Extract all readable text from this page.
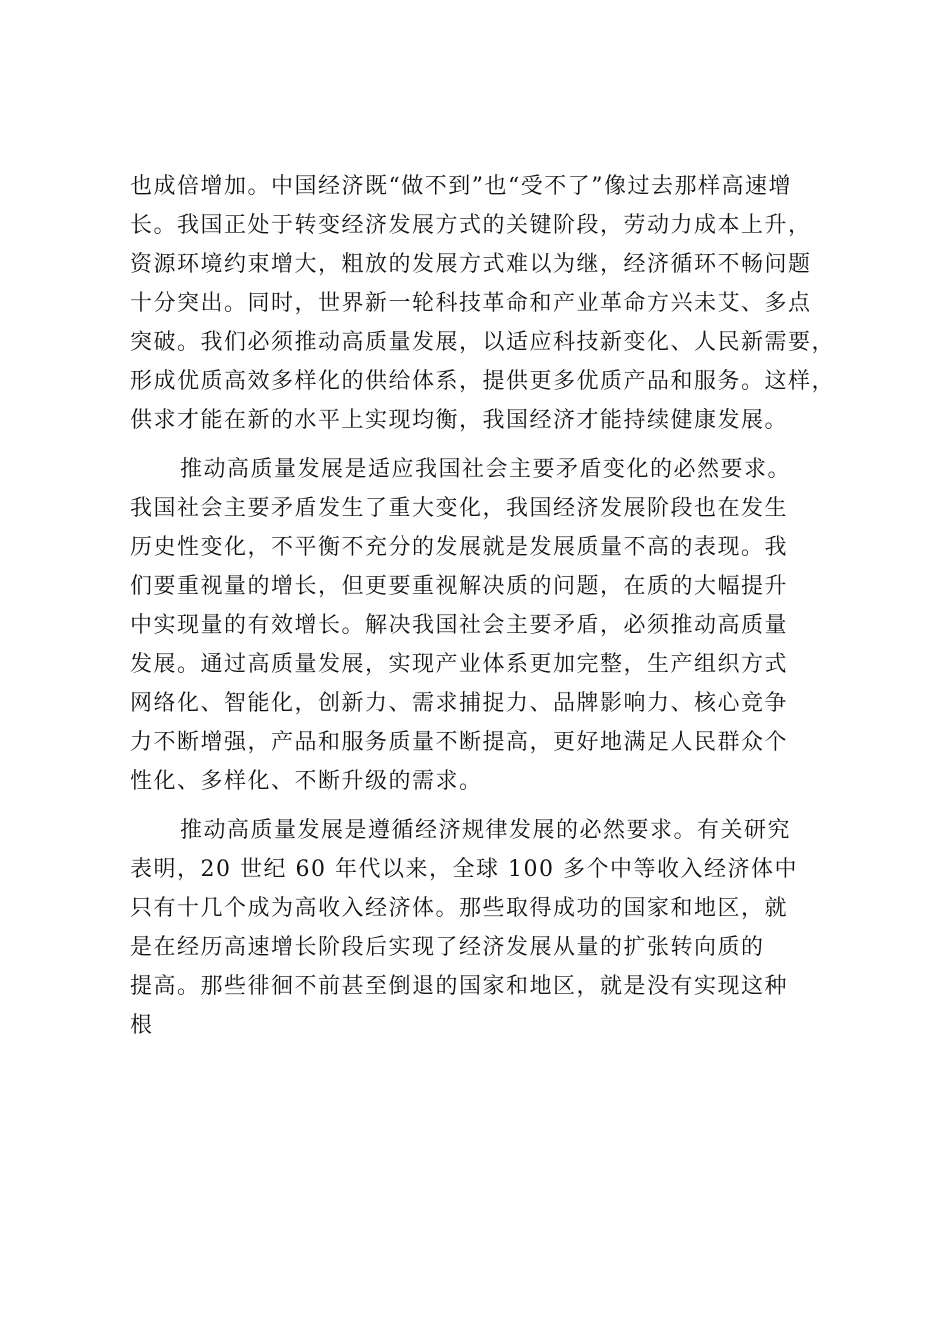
也成倍增加。中国经济既“做不到”也“受不了”像过去那样高速增

长。我国正处于转变经济发展方式的关键阶段，劳动力成本上升，

资源环境约束增大，粗放的发展方式难以为继，经济循环不畅问题

十分突出。同时，世界新一轮科技革命和产业革命方兴未艾、多点

突破。我们必须推动高质量发展，以适应科技新变化、人民新需要，

形成优质高效多样化的供给体系，提供更多优质产品和服务。这样，

供求才能在新的水平上实现均衡，我国经济才能持续健康发展。

推动高质量发展是适应我国社会主要矛盾变化的必然要求。

我国社会主要矛盾发生了重大变化，我国经济发展阶段也在发生

历史性变化，不平衡不充分的发展就是发展质量不高的表现。我

们要重视量的增长，但更要重视解决质的问题，在质的大幅提升

中实现量的有效增长。解决我国社会主要矛盾，必须推动高质量

发展。通过高质量发展，实现产业体系更加完整，生产组织方式

网络化、智能化，创新力、需求捕捉力、品牌影响力、核心竞争

力不断增强，产品和服务质量不断提高，更好地满足人民群众个

性化、多样化、不断升级的需求。

推动高质量发展是遵循经济规律发展的必然要求。有关研究

表明，20 世纪 60 年代以来，全球 100 多个中等收入经济体中

只有十几个成为高收入经济体。那些取得成功的国家和地区，就

是在经历高速增长阶段后实现了经济发展从量的扩张转向质的

提高。那些徘徊不前甚至倒退的国家和地区，就是没有实现这种

根
